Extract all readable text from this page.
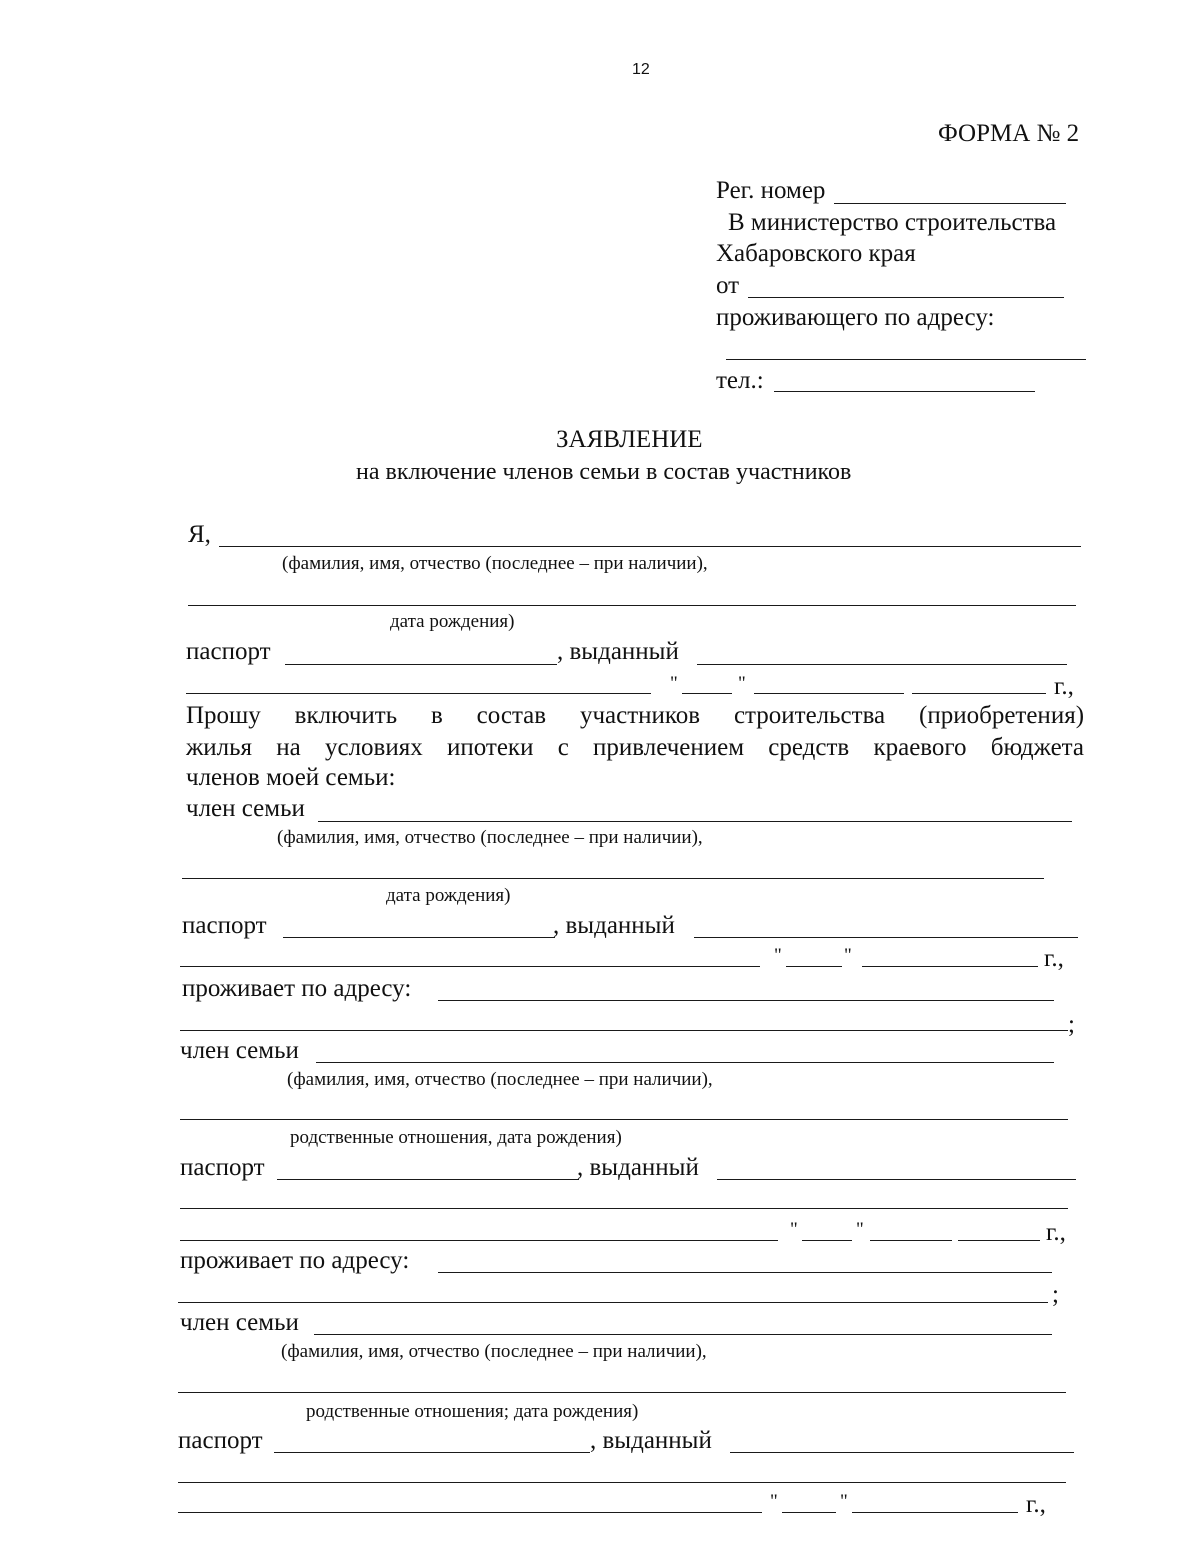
12
ФОРМА № 2
Рег. номер
В министерство строительства
Хабаровского края
от
проживающего по адресу:
тел.:
ЗАЯВЛЕНИЕ
на включение членов семьи в состав участников
Я,
(фамилия, имя, отчество (последнее – при наличии),
дата рождения)
паспорт	, выданный
"	"	г.,
Прошу включить в состав участников строительства (приобретения)
жилья на условиях ипотеки с привлечением средств краевого бюджета
членов моей семьи:
член семьи
(фамилия, имя, отчество (последнее – при наличии),
дата рождения)
паспорт	, выданный
"	"	г.,
проживает по адресу:
;
член семьи
(фамилия, имя, отчество (последнее – при наличии),
родственные отношения, дата рождения)
паспорт	, выданный
"	"	г.,
проживает по адресу:
;
член семьи
(фамилия, имя, отчество (последнее – при наличии),
родственные отношения; дата рождения)
паспорт	, выданный
"	"	г.,
